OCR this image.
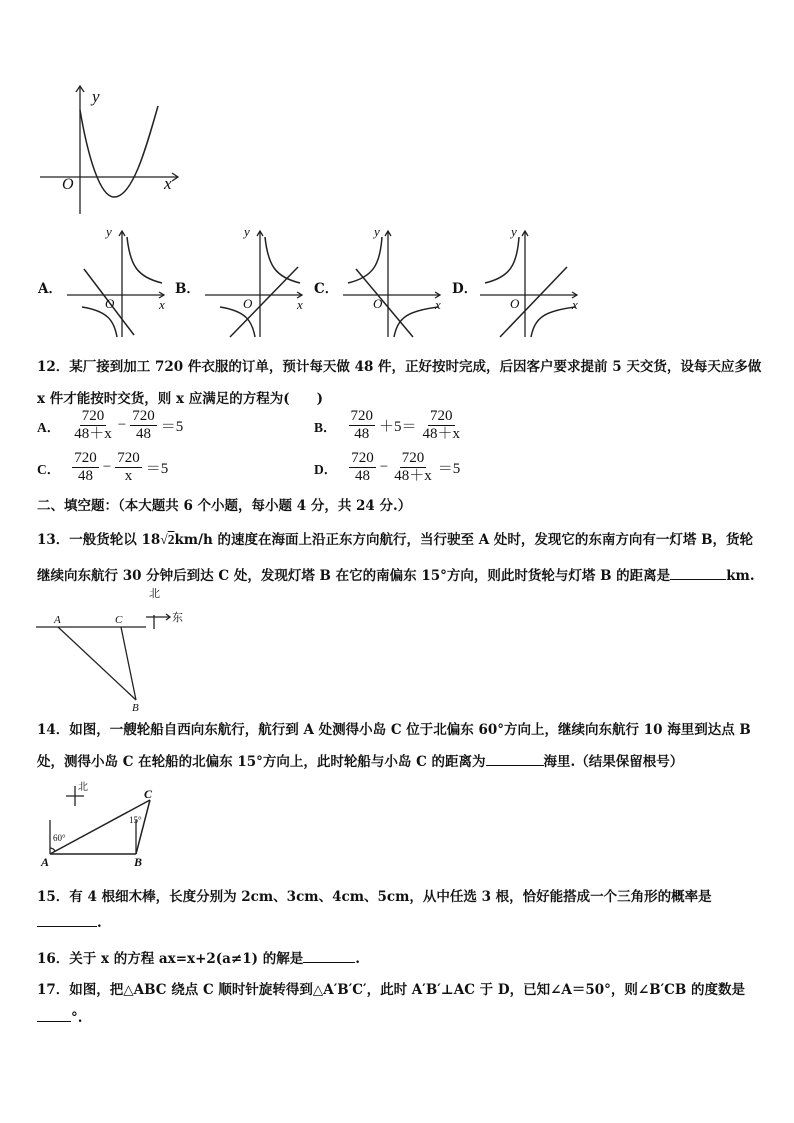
y
x
O
A．
y
x
O
B．
y
x
O
C．
y
x
O
D．
y
x
O
12．某厂接到加工 720 件衣服的订单，预计每天做 48 件，正好按时完成，后因客户要求提前 5 天交货，设每天应多做
x 件才能按时交货，则 x 应满足的方程为(　　)
A． $\frac{720}{48+x} - \frac{720}{48} =5$	B． $\frac{720}{48} +5= \frac{720}{48+x}$
C． $\frac{720}{48} - \frac{720}{x} =5$	D． $\frac{720}{48} - \frac{720}{48+x} =5$
二、填空题：（本大题共 6 个小题，每小题 4 分，共 24 分.）
13．一般货轮以 18√2km/h 的速度在海面上沿正东方向航行，当行驶至 A 处时，发现它的东南方向有一灯塔 B，货轮
继续向东航行 30 分钟后到达 C 处，发现灯塔 B 在它的南偏东 15°方向，则此时货轮与灯塔 B 的距离是	km.
北
东
A	C
B
14．如图，一艘轮船自西向东航行，航行到 A 处测得小岛 C 位于北偏东 60°方向上，继续向东航行 10 海里到达点 B
处，测得小岛 C 在轮船的北偏东 15°方向上，此时轮船与小岛 C 的距离为	海里.（结果保留根号）
北
60°
15°
A	B
C
15．有 4 根细木棒，长度分别为 2cm、3cm、4cm、5cm，从中任选 3 根，恰好能搭成一个三角形的概率是
.
16．关于 x 的方程 ax=x+2(a≠1) 的解是	.
17．如图，把△ABC 绕点 C 顺时针旋转得到△A′B′C′，此时 A′B′⊥AC 于 D，已知∠A＝50°，则∠B′CB 的度数是
°.
